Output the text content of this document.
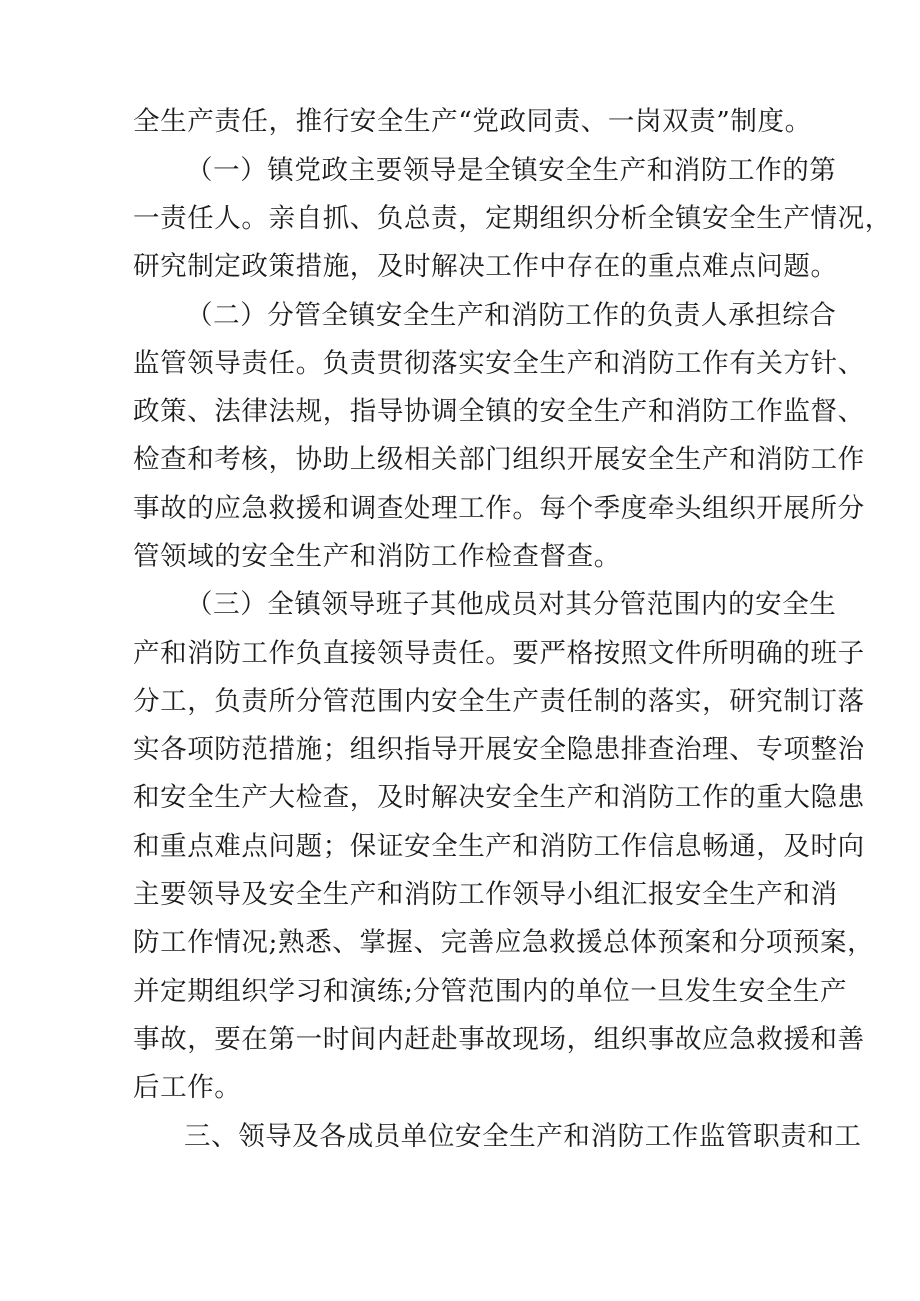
全生产责任，推行安全生产“党政同责、一岗双责”制度。

（一）镇党政主要领导是全镇安全生产和消防工作的第

一责任人。亲自抓、负总责，定期组织分析全镇安全生产情况，

研究制定政策措施，及时解决工作中存在的重点难点问题。

（二）分管全镇安全生产和消防工作的负责人承担综合

监管领导责任。负责贯彻落实安全生产和消防工作有关方针、

政策、法律法规，指导协调全镇的安全生产和消防工作监督、

检查和考核，协助上级相关部门组织开展安全生产和消防工作

事故的应急救援和调查处理工作。每个季度牵头组织开展所分

管领域的安全生产和消防工作检查督查。

（三）全镇领导班子其他成员对其分管范围内的安全生

产和消防工作负直接领导责任。要严格按照文件所明确的班子

分工，负责所分管范围内安全生产责任制的落实，研究制订落

实各项防范措施；组织指导开展安全隐患排查治理、专项整治

和安全生产大检查，及时解决安全生产和消防工作的重大隐患

和重点难点问题；保证安全生产和消防工作信息畅通，及时向

主要领导及安全生产和消防工作领导小组汇报安全生产和消

防工作情况;熟悉、掌握、完善应急救援总体预案和分项预案，

并定期组织学习和演练;分管范围内的单位一旦发生安全生产

事故，要在第一时间内赶赴事故现场，组织事故应急救援和善

后工作。

三、领导及各成员单位安全生产和消防工作监管职责和工
